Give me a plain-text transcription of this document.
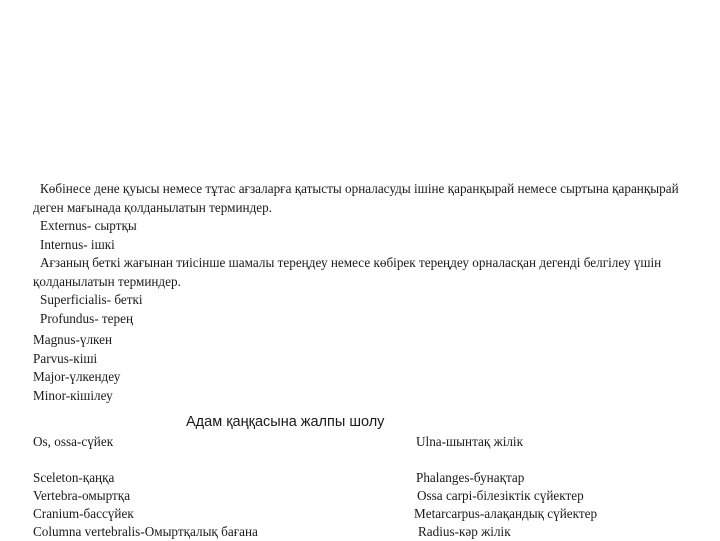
Көбінесе дене қуысы немесе тұтас ағзаларға қатысты орналасуды ішіне қаранқырай немесе сыртына қаранқырай деген мағынада қолданылатын терминдер.

Externus- сыртқы

Internus- ішкі

Ағзаның беткі жағынан тиісінше шамалы тереңдеу немесе көбірек тереңдеу орналасқан дегенді белгілеу үшін қолданылатын терминдер.

Superficialis- беткі

Profundus- терең

Magnus-үлкен

Parvus-кіші

Major-үлкендеу

Minor-кішілеу

Адам қаңқасына жалпы шолу

Os, ossa-сүйек

Sceleton-қаңқа

Vertebra-омыртқа

Cranium-бассүйек

Columna vertebralis-Омыртқалық бағана

Ulna-шынтақ жілік

Phalanges-бунақтар

Ossa carpi-білезіктік сүйектер

Metarcarpus-алақандық сүйектер

Radius-кәр жілік
